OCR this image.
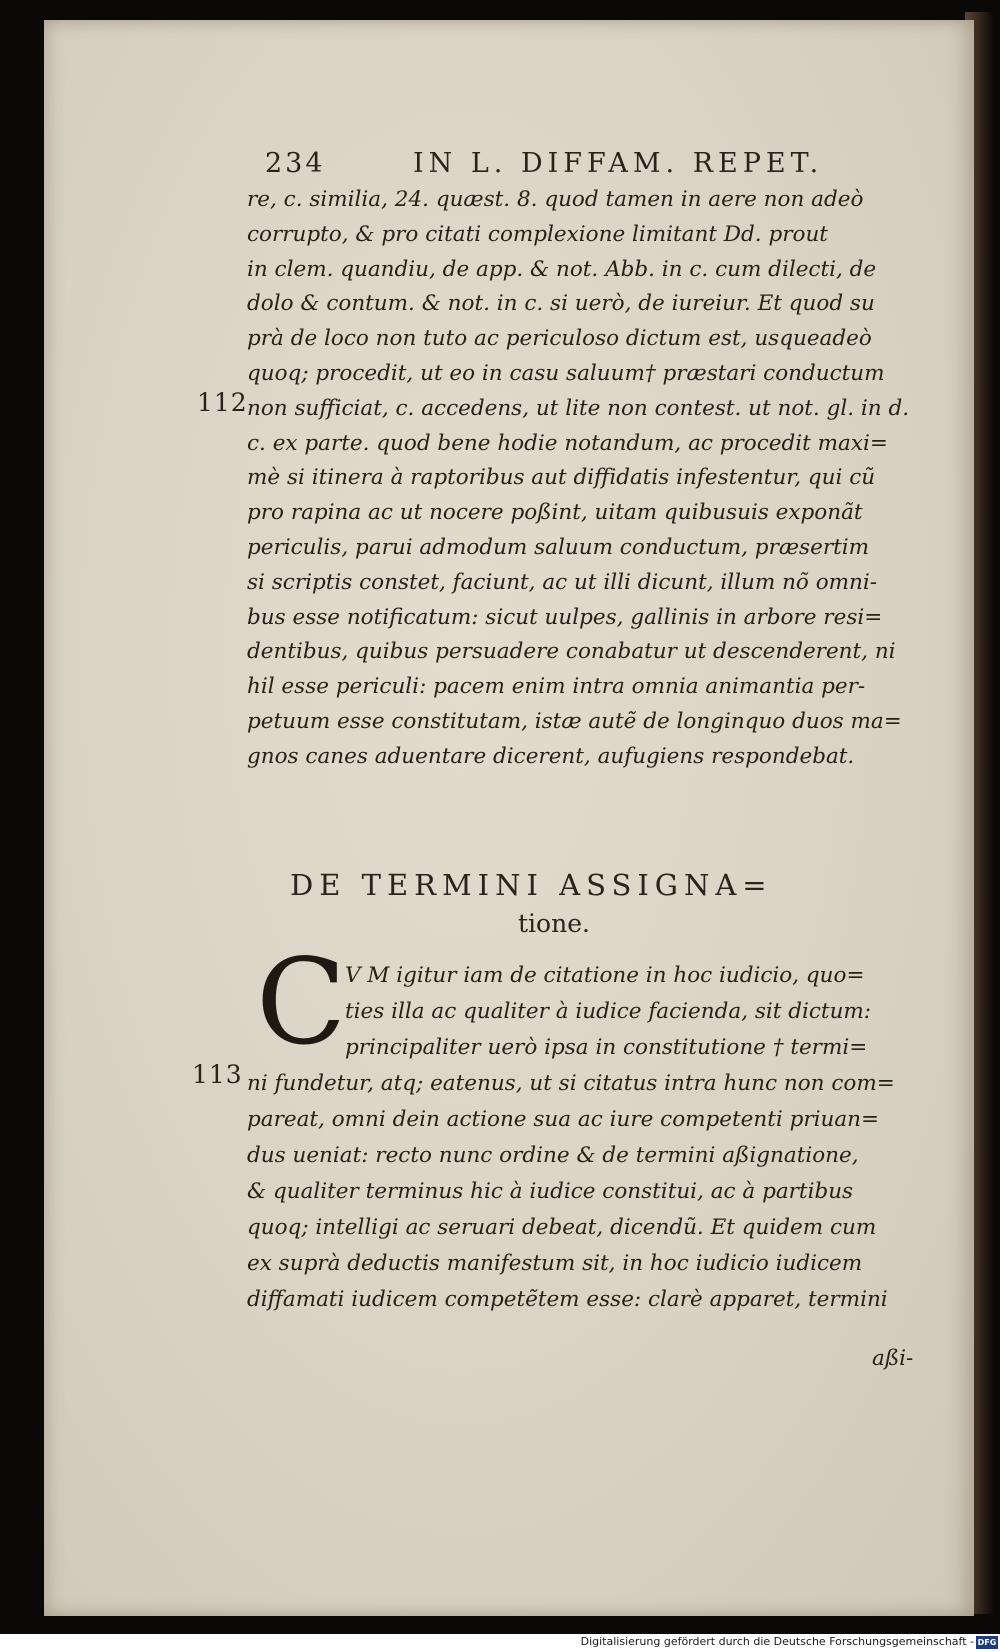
234	IN L. DIFFAM. REPET.
re, c. similia, 24. quæst. 8. quod tamen in aere non adeò
corrupto, & pro citati complexione limitant Dd. prout
in clem. quandiu, de app. & not. Abb. in c. cum dilecti, de
dolo & contum. & not. in c. si uerò, de iureiur. Et quod su
prà de loco non tuto ac periculoso dictum est, usqueadeò
quoq; procedit, ut eo in casu saluum† præstari conductum
non sufficiat, c. accedens, ut lite non contest. ut not. gl. in d.
c. ex parte. quod bene hodie notandum, ac procedit maxi=
mè si itinera à raptoribus aut diffidatis infestentur, qui cũ
pro rapina ac ut nocere poßint, uitam quibusuis exponãt
periculis, parui admodum saluum conductum, præsertim
si scriptis constet, faciunt, ac ut illi dicunt, illum nõ omni‑
bus esse notificatum: sicut uulpes, gallinis in arbore resi=
dentibus, quibus persuadere conabatur ut descenderent, ni
hil esse periculi: pacem enim intra omnia animantia per‑
petuum esse constitutam, istæ autẽ de longinquo duos ma=
gnos canes aduentare dicerent, aufugiens respondebat.
112
DE TERMINI ASSIGNA=
tione.
C
V M igitur iam de citatione in hoc iudicio, quo=
ties illa ac qualiter à iudice facienda, sit dictum:
principaliter uerò ipsa in constitutione † termi=
ni fundetur, atq; eatenus, ut si citatus intra hunc non com=
pareat, omni dein actione sua ac iure competenti priuan=
dus ueniat: recto nunc ordine & de termini aßignatione,
& qualiter terminus hic à iudice constitui, ac à partibus
quoq; intelligi ac seruari debeat, dicendũ. Et quidem cum
ex suprà deductis manifestum sit, in hoc iudicio iudicem
diffamati iudicem competẽtem esse: clarè apparet, termini
113
aßi‑
Digitalisierung gefördert durch die Deutsche Forschungsgemeinschaft - DFG
